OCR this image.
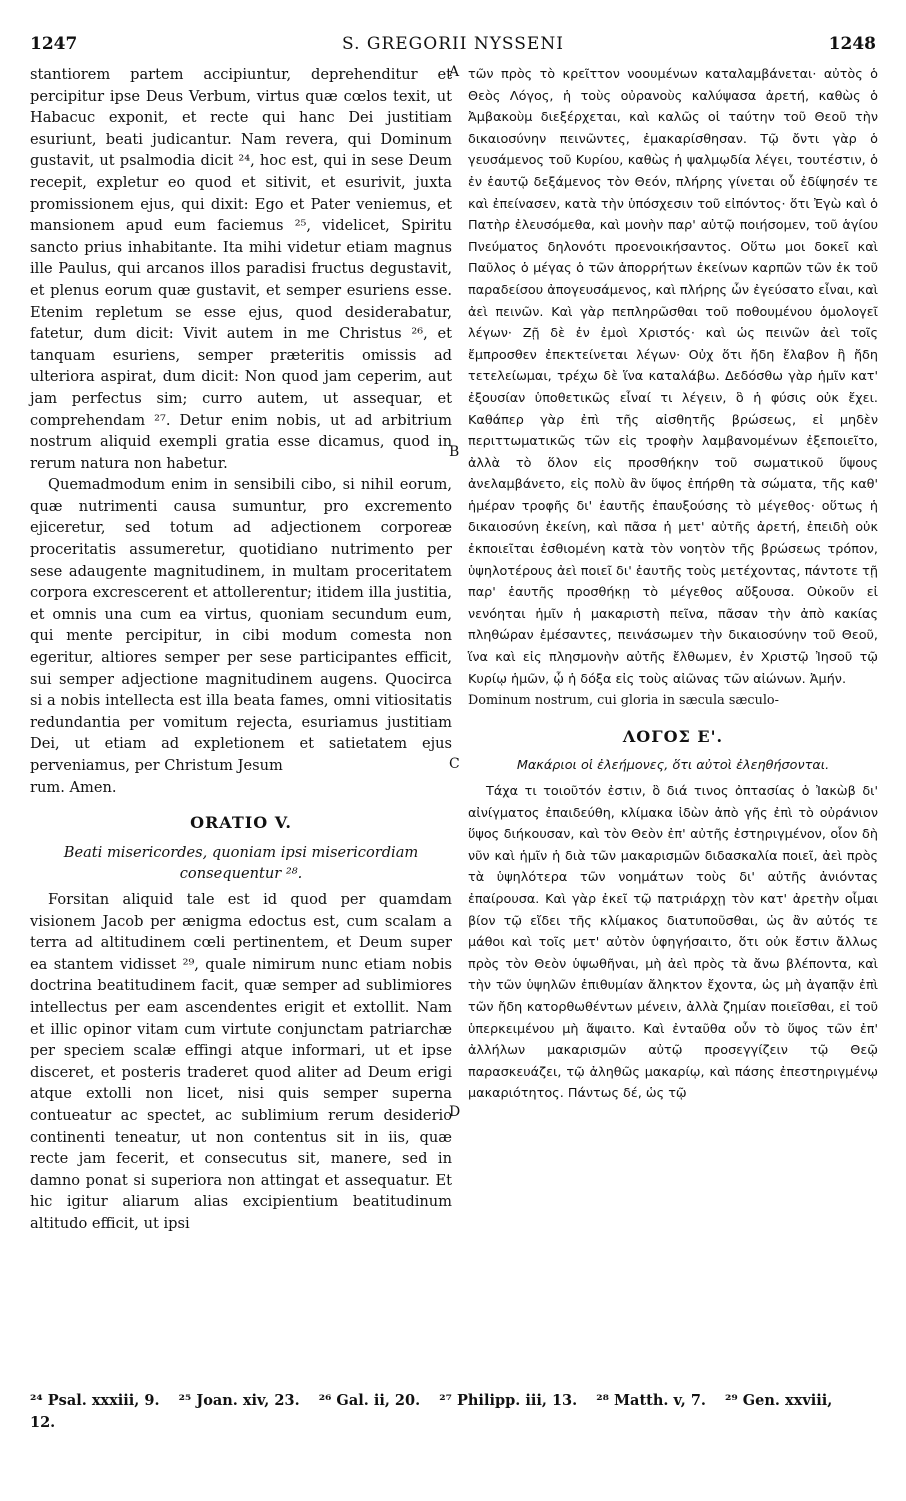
1247	S. GREGORII NYSSENI	1248

stantiorem partem accipiuntur, deprehenditur et percipitur ipse Deus Verbum, virtus quæ cœlos texit, ut Habacuc exponit, et recte qui hanc Dei justitiam esuriunt, beati judicantur. Nam revera, qui Dominum gustavit, ut psalmodia dicit ²⁴, hoc est, qui in sese Deum recepit, expletur eo quod et sitivit, et esurivit, juxta promissionem ejus, qui dixit: Ego et Pater veniemus, et mansionem apud eum faciemus ²⁵, videlicet, Spiritu sancto prius inhabitante. Ita mihi videtur etiam magnus ille Paulus, qui arcanos illos paradisi fructus degustavit, et plenus eorum quæ gustavit, et semper esuriens esse. Etenim repletum se esse ejus, quod desiderabatur, fatetur, dum dicit: Vivit autem in me Christus ²⁶, et tanquam esuriens, semper præteritis omissis ad ulteriora aspirat, dum dicit: Non quod jam ceperim, aut jam perfectus sim; curro autem, ut assequar, et comprehendam ²⁷. Detur enim nobis, ut ad arbitrium nostrum aliquid exempli gratia esse dicamus, quod in rerum natura non habetur.

Quemadmodum enim in sensibili cibo, si nihil eorum, quæ nutrimenti causa sumuntur, pro excremento ejiceretur, sed totum ad adjectionem corporeæ proceritatis assumeretur, quotidiano nutrimento per sese adaugente magnitudinem, in multam proceritatem corpora excrescerent et attollerentur; itidem illa justitia, et omnis una cum ea virtus, quoniam secundum eum, qui mente percipitur, in cibi modum comesta non egeritur, altiores semper per sese participantes efficit, sui semper adjectione magnitudinem augens. Quocirca si a nobis intellecta est illa beata fames, omni vitiositatis redundantia per vomitum rejecta, esuriamus justitiam Dei, ut etiam ad expletionem et satietatem ejus perveniamus, per Christum Jesum

rum. Amen.

ORATIO V.

Beati misericordes, quoniam ipsi misericordiam consequentur ²⁸.

Forsitan aliquid tale est id quod per quamdam visionem Jacob per ænigma edoctus est, cum scalam a terra ad altitudinem cœli pertinentem, et Deum super ea stantem vidisset ²⁹, quale nimirum nunc etiam nobis doctrina beatitudinem facit, quæ semper ad sublimiores intellectus per eam ascendentes erigit et extollit. Nam et illic opinor vitam cum virtute conjunctam patriarchæ per speciem scalæ effingi atque informari, ut et ipse disceret, et posteris traderet quod aliter ad Deum erigi atque extolli non licet, nisi quis semper superna contueatur ac spectet, ac sublimium rerum desiderio continenti teneatur, ut non contentus sit in iis, quæ recte jam fecerit, et consecutus sit, manere, sed in damno ponat si superiora non attingat et assequatur. Et hic igitur aliarum alias excipientium beatitudinum altitudo efficit, ut ipsi

A
B
C
D

τῶν πρὸς τὸ κρεῖττον νοουμένων καταλαμβάνεται· αὐτὸς ὁ Θεὸς Λόγος, ἡ τοὺς οὐρανοὺς καλύψασα ἀρετή, καθὼς ὁ Ἀμβακοὺμ διεξέρχεται, καὶ καλῶς οἱ ταύτην τοῦ Θεοῦ τὴν δικαιοσύνην πεινῶντες, ἐμακαρίσθησαν. Τῷ ὄντι γὰρ ὁ γευσάμενος τοῦ Κυρίου, καθὼς ἡ ψαλμῳδία λέγει, τουτέστιν, ὁ ἐν ἑαυτῷ δεξάμενος τὸν Θεόν, πλήρης γίνεται οὗ ἐδίψησέν τε καὶ ἐπείνασεν, κατὰ τὴν ὑπόσχεσιν τοῦ εἰπόντος· ὅτι Ἐγὼ καὶ ὁ Πατὴρ ἐλευσόμεθα, καὶ μονὴν παρ' αὐτῷ ποιήσομεν, τοῦ ἁγίου Πνεύματος δηλονότι προενοικήσαντος. Οὕτω μοι δοκεῖ καὶ Παῦλος ὁ μέγας ὁ τῶν ἀπορρήτων ἐκείνων καρπῶν τῶν ἐκ τοῦ παραδείσου ἀπογευσάμενος, καὶ πλήρης ὧν ἐγεύσατο εἶναι, καὶ ἀεὶ πεινῶν. Καὶ γὰρ πεπληρῶσθαι τοῦ ποθουμένου ὁμολογεῖ λέγων· Ζῇ δὲ ἐν ἐμοὶ Χριστός· καὶ ὡς πεινῶν ἀεὶ τοῖς ἔμπροσθεν ἐπεκτείνεται λέγων· Οὐχ ὅτι ἤδη ἔλαβον ἢ ἤδη τετελείωμαι, τρέχω δὲ ἵνα καταλάβω. Δεδόσθω γὰρ ἡμῖν κατ' ἐξουσίαν ὑποθετικῶς εἶναί τι λέγειν, ὃ ἡ φύσις οὐκ ἔχει. Καθάπερ γὰρ ἐπὶ τῆς αἰσθητῆς βρώσεως, εἰ μηδὲν περιττωματικῶς τῶν εἰς τροφὴν λαμβανομένων ἐξεποιεῖτο, ἀλλὰ τὸ ὅλον εἰς προσθήκην τοῦ σωματικοῦ ὕψους ἀνελαμβάνετο, εἰς πολὺ ἂν ὕψος ἐπήρθη τὰ σώματα, τῆς καθ' ἡμέραν τροφῆς δι' ἑαυτῆς ἐπαυξούσης τὸ μέγεθος· οὕτως ἡ δικαιοσύνη ἐκείνη, καὶ πᾶσα ἡ μετ' αὐτῆς ἀρετή, ἐπειδὴ οὐκ ἐκποιεῖται ἐσθιομένη κατὰ τὸν νοητὸν τῆς βρώσεως τρόπον, ὑψηλοτέρους ἀεὶ ποιεῖ δι' ἑαυτῆς τοὺς μετέχοντας, πάντοτε τῇ παρ' ἑαυτῆς προσθήκῃ τὸ μέγεθος αὔξουσα. Οὐκοῦν εἰ νενόηται ἡμῖν ἡ μακαριστὴ πεῖνα, πᾶσαν τὴν ἀπὸ κακίας πληθώραν ἐμέσαντες, πεινάσωμεν τὴν δικαιοσύνην τοῦ Θεοῦ, ἵνα καὶ εἰς πλησμονὴν αὐτῆς ἔλθωμεν, ἐν Χριστῷ Ἰησοῦ τῷ Κυρίῳ ἡμῶν, ᾧ ἡ δόξα εἰς τοὺς αἰῶνας τῶν αἰώνων. Ἀμήν.

Dominum nostrum, cui gloria in sæcula sæculo-

ΛΟΓΟΣ Ε'.

Μακάριοι οἱ ἐλεήμονες, ὅτι αὐτοὶ ἐλεηθήσονται.

Τάχα τι τοιοῦτόν ἐστιν, ὃ διά τινος ὀπτασίας ὁ Ἰακὼβ δι' αἰνίγματος ἐπαιδεύθη, κλίμακα ἰδὼν ἀπὸ γῆς ἐπὶ τὸ οὐράνιον ὕψος διήκουσαν, καὶ τὸν Θεὸν ἐπ' αὐτῆς ἐστηριγμένον, οἷον δὴ νῦν καὶ ἡμῖν ἡ διὰ τῶν μακαρισμῶν διδασκαλία ποιεῖ, ἀεὶ πρὸς τὰ ὑψηλότερα τῶν νοημάτων τοὺς δι' αὐτῆς ἀνιόντας ἐπαίρουσα. Καὶ γὰρ ἐκεῖ τῷ πατριάρχῃ τὸν κατ' ἀρετὴν οἶμαι βίον τῷ εἴδει τῆς κλίμακος διατυποῦσθαι, ὡς ἂν αὐτός τε μάθοι καὶ τοῖς μετ' αὐτὸν ὑφηγήσαιτο, ὅτι οὐκ ἔστιν ἄλλως πρὸς τὸν Θεὸν ὑψωθῆναι, μὴ ἀεὶ πρὸς τὰ ἄνω βλέποντα, καὶ τὴν τῶν ὑψηλῶν ἐπιθυμίαν ἄληκτον ἔχοντα, ὡς μὴ ἀγαπᾷν ἐπὶ τῶν ἤδη κατορθωθέντων μένειν, ἀλλὰ ζημίαν ποιεῖσθαι, εἰ τοῦ ὑπερκειμένου μὴ ἅψαιτο. Καὶ ἐνταῦθα οὖν τὸ ὕψος τῶν ἐπ' ἀλλήλων μακαρισμῶν αὐτῷ προσεγγίζειν τῷ Θεῷ παρασκευάζει, τῷ ἀληθῶς μακαρίῳ, καὶ πάσης ἐπεστηριγμένῳ μακαριότητος. Πάντως δέ, ὡς τῷ

²⁴ Psal. xxxiii, 9. ²⁵ Joan. xiv, 23. ²⁶ Gal. ii, 20. ²⁷ Philipp. iii, 13. ²⁸ Matth. v, 7. ²⁹ Gen. xxviii, 12.
